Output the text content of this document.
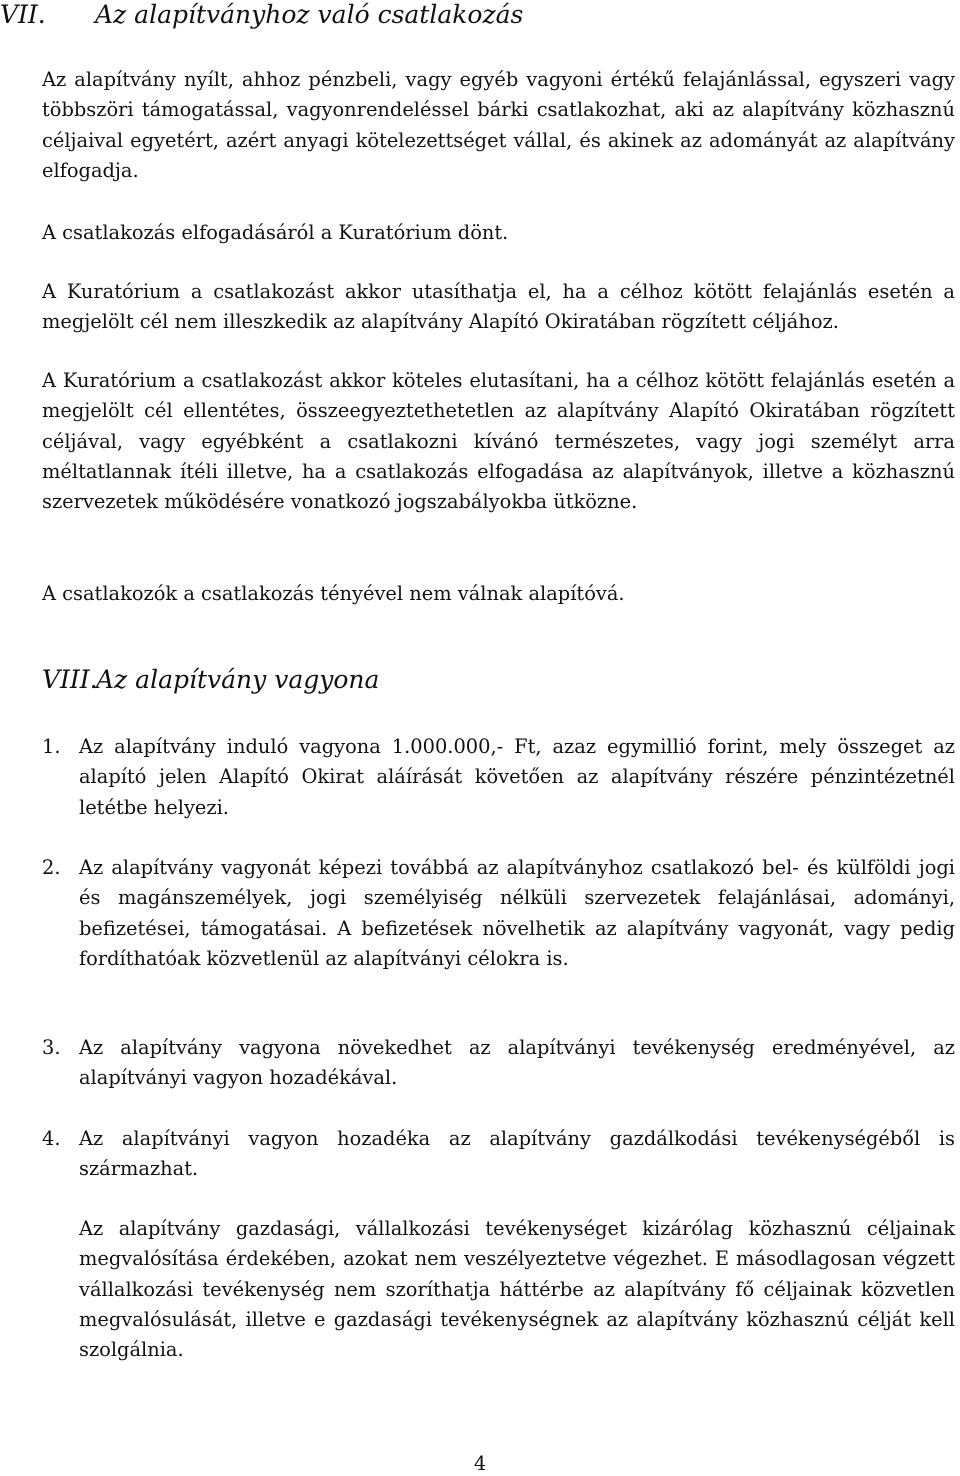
VII. Az alapítványhoz való csatlakozás

Az alapítvány nyílt, ahhoz pénzbeli, vagy egyéb vagyoni értékű felajánlással, egyszeri vagy többszöri támogatással, vagyonrendeléssel bárki csatlakozhat, aki az alapítvány közhasznú céljaival egyetért, azért anyagi kötelezettséget vállal, és akinek az adományát az alapítvány elfogadja.

A csatlakozás elfogadásáról a Kuratórium dönt.

A Kuratórium a csatlakozást akkor utasíthatja el, ha a célhoz kötött felajánlás esetén a megjelölt cél nem illeszkedik az alapítvány Alapító Okiratában rögzített céljához.

A Kuratórium a csatlakozást akkor köteles elutasítani, ha a célhoz kötött felajánlás esetén a megjelölt cél ellentétes, összeegyeztethetetlen az alapítvány Alapító Okiratában rögzített céljával, vagy egyébként a csatlakozni kívánó természetes, vagy jogi személyt arra méltatlannak ítéli illetve, ha a csatlakozás elfogadása az alapítványok, illetve a közhasznú szervezetek működésére vonatkozó jogszabályokba ütközne.

A csatlakozók a csatlakozás tényével nem válnak alapítóvá.

VIII.
Az alapítvány vagyona
1. Az alapítvány induló vagyona 1.000.000,- Ft, azaz egymillió forint, mely összeget az alapító jelen Alapító Okirat aláírását követően az alapítvány részére pénzintézetnél letétbe helyezi.

2. Az alapítvány vagyonát képezi továbbá az alapítványhoz csatlakozó bel- és külföldi jogi és magánszemélyek, jogi személyiség nélküli szervezetek felajánlásai, adományi, befizetései, támogatásai. A befizetések növelhetik az alapítvány vagyonát, vagy pedig fordíthatóak közvetlenül az alapítványi célokra is.

3. Az alapítvány vagyona növekedhet az alapítványi tevékenység eredményével, az alapítványi vagyon hozadékával.

4. Az alapítványi vagyon hozadéka az alapítvány gazdálkodási tevékenységéből is származhat.

Az alapítvány gazdasági, vállalkozási tevékenységet kizárólag közhasznú céljainak megvalósítása érdekében, azokat nem veszélyeztetve végezhet. E másodlagosan végzett vállalkozási tevékenység nem szoríthatja háttérbe az alapítvány fő céljainak közvetlen megvalósulását, illetve e gazdasági tevékenységnek az alapítvány közhasznú célját kell szolgálnia.

4
